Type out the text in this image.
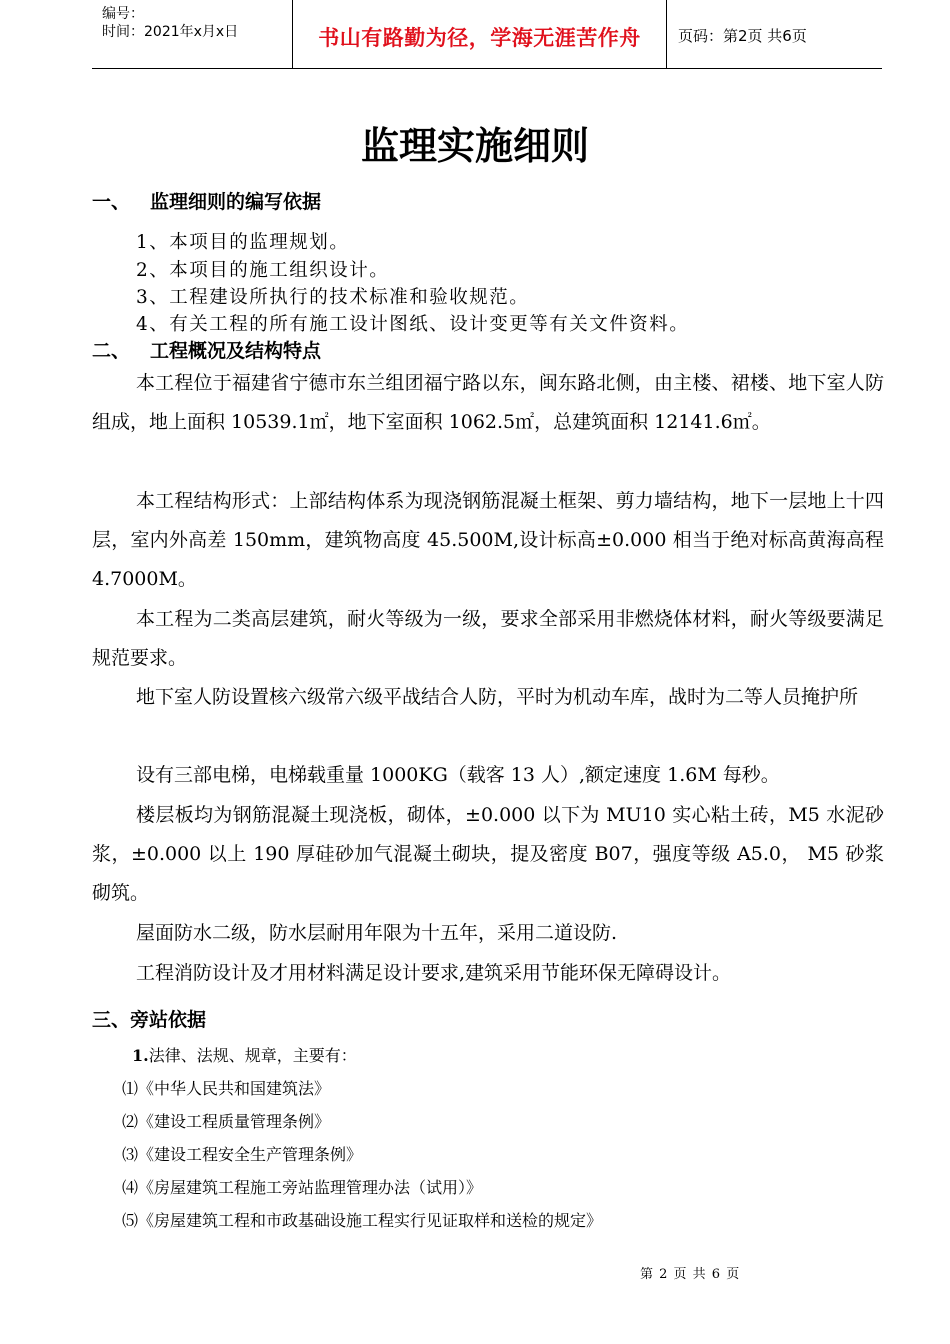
编号：
时间：2021年x月x日	书山有路勤为径，学海无涯苦作舟	页码：第2页 共6页
监理实施细则
一、 监理细则的编写依据
1、本项目的监理规划。
2、本项目的施工组织设计。
3、工程建设所执行的技术标准和验收规范。
4、有关工程的所有施工设计图纸、设计变更等有关文件资料。
二、 工程概况及结构特点

本工程位于福建省宁德市东兰组团福宁路以东，闽东路北侧，由主楼、裙楼、地下室人防组成，地上面积 10539.1㎡，地下室面积 1062.5㎡，总建筑面积 12141.6㎡。

本工程结构形式：上部结构体系为现浇钢筋混凝土框架、剪力墙结构，地下一层地上十四层，室内外高差 150mm，建筑物高度 45.500M,设计标高±0.000 相当于绝对标高黄海高程 4.7000M。

本工程为二类高层建筑，耐火等级为一级，要求全部采用非燃烧体材料，耐火等级要满足规范要求。

地下室人防设置核六级常六级平战结合人防，平时为机动车库，战时为二等人员掩护所

设有三部电梯，电梯载重量 1000KG（载客 13 人）,额定速度 1.6M 每秒。

楼层板均为钢筋混凝土现浇板，砌体，±0.000 以下为 MU10 实心粘土砖，M5 水泥砂浆，±0.000 以上 190 厚硅砂加气混凝土砌块，提及密度 B07，强度等级 A5.0， M5 砂浆砌筑。

屋面防水二级，防水层耐用年限为十五年，采用二道设防.

工程消防设计及才用材料满足设计要求,建筑采用节能环保无障碍设计。

三、旁站依据
1.法律、法规、规章，主要有：
⑴《中华人民共和国建筑法》
⑵《建设工程质量管理条例》
⑶《建设工程安全生产管理条例》
⑷《房屋建筑工程施工旁站监理管理办法（试用）》
⑸《房屋建筑工程和市政基础设施工程实行见证取样和送检的规定》
第 2 页 共 6 页
